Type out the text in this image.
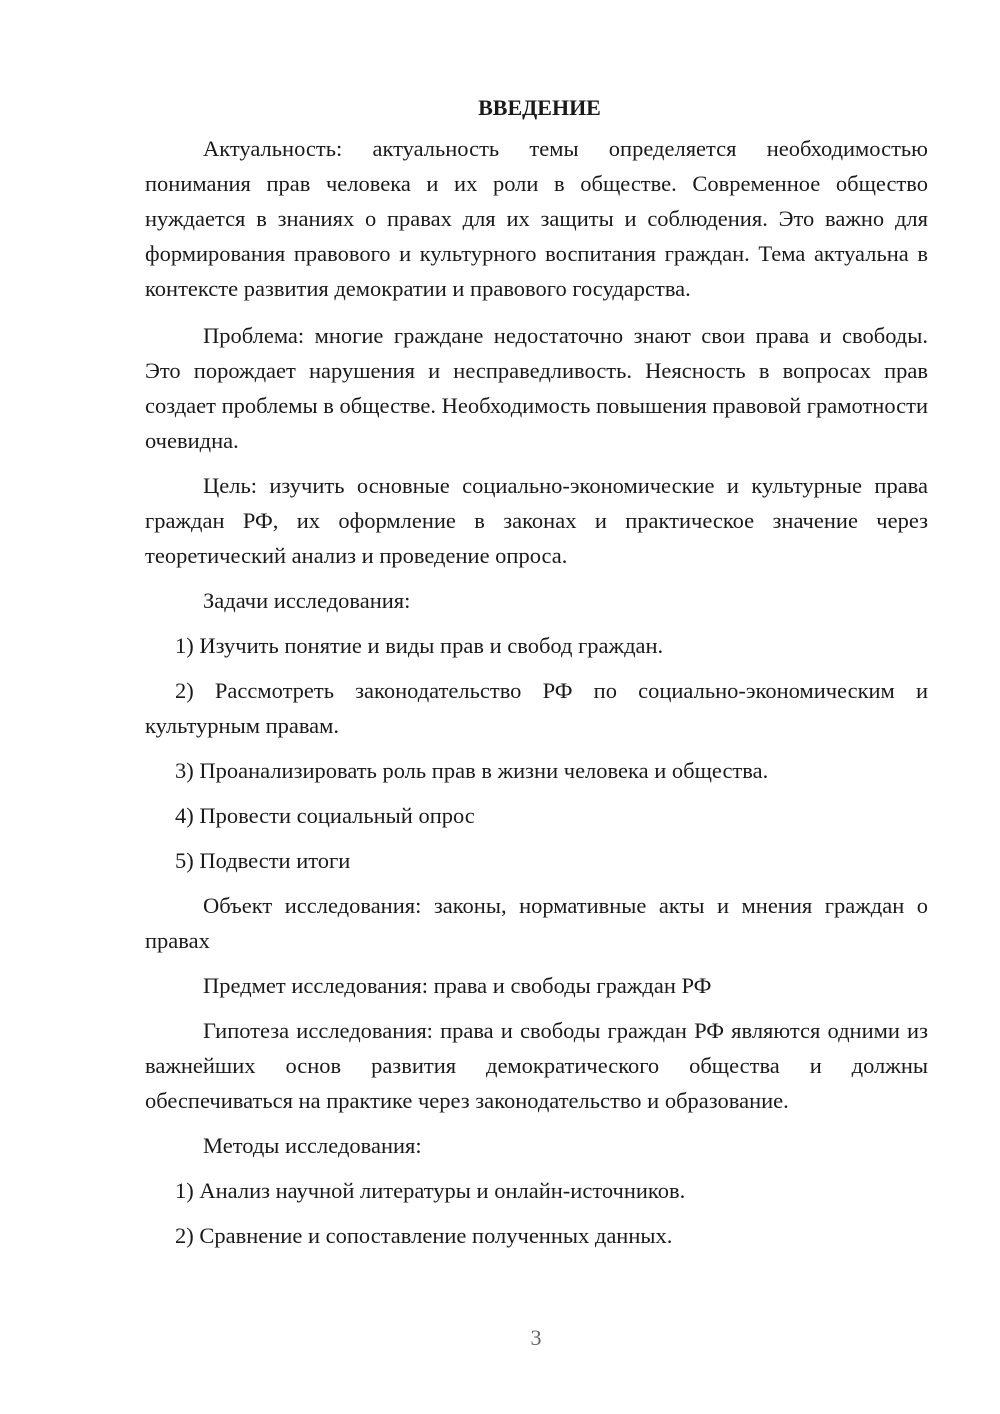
ВВЕДЕНИЕ

Актуальность: актуальность темы определяется необходимостью понимания прав человека и их роли в обществе. Современное общество нуждается в знаниях о правах для их защиты и соблюдения. Это важно для формирования правового и культурного воспитания граждан. Тема актуальна в контексте развития демократии и правового государства.

Проблема: многие граждане недостаточно знают свои права и свободы. Это порождает нарушения и несправедливость. Неясность в вопросах прав создает проблемы в обществе. Необходимость повышения правовой грамотности очевидна.

Цель: изучить основные социально-экономические и культурные права граждан РФ, их оформление в законах и практическое значение через теоретический анализ и проведение опроса.

Задачи исследования:

1) Изучить понятие и виды прав и свобод граждан.

2) Рассмотреть законодательство РФ по социально-экономическим и культурным правам.

3) Проанализировать роль прав в жизни человека и общества.

4) Провести социальный опрос

5) Подвести итоги

Объект исследования: законы, нормативные акты и мнения граждан о правах

Предмет исследования: права и свободы граждан РФ

Гипотеза исследования: права и свободы граждан РФ являются одними из важнейших основ развития демократического общества и должны обеспечиваться на практике через законодательство и образование.

Методы исследования:

1) Анализ научной литературы и онлайн-источников.

2) Сравнение и сопоставление полученных данных.

3
